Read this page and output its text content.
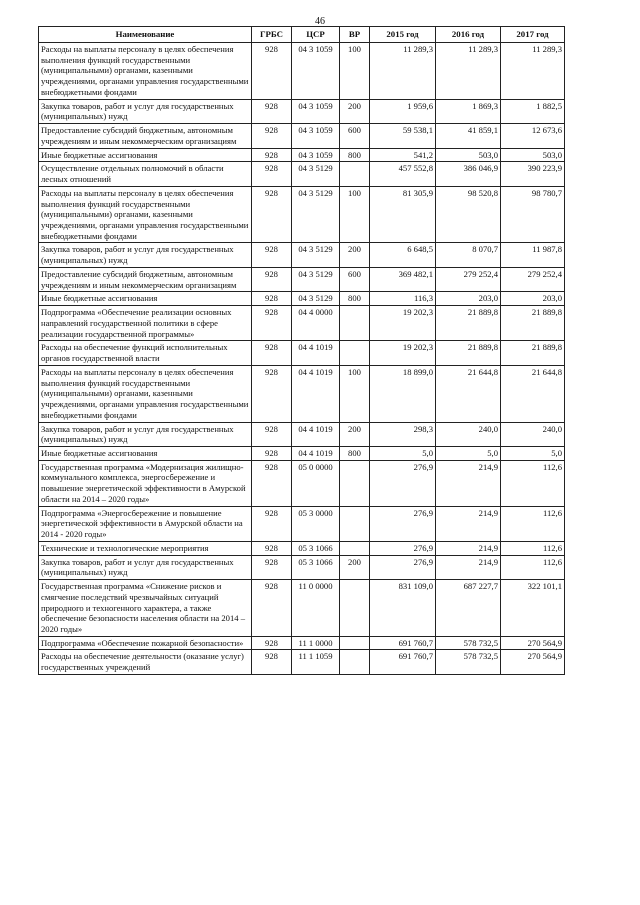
46
Наименование	ГРБС	ЦСР	ВР	2015 год	2016 год	2017 год
Расходы на выплаты персоналу в целях обеспечения выполнения функций государственными (муниципальными) органами, казенными учреждениями, органами управления государственными внебюджетными фондами	928	04 3 1059	100	11 289,3	11 289,3	11 289,3
Закупка товаров, работ и услуг для государственных (муниципальных) нужд	928	04 3 1059	200	1 959,6	1 869,3	1 882,5
Предоставление субсидий бюджетным, автономным учреждениям и иным некоммерческим организациям	928	04 3 1059	600	59 538,1	41 859,1	12 673,6
Иные бюджетные ассигнования	928	04 3 1059	800	541,2	503,0	503,0
Осуществление отдельных полномочий в области лесных отношений	928	04 3 5129		457 552,8	386 046,9	390 223,9
Расходы на выплаты персоналу в целях обеспечения выполнения функций государственными (муниципальными) органами, казенными учреждениями, органами управления государственными внебюджетными фондами	928	04 3 5129	100	81 305,9	98 520,8	98 780,7
Закупка товаров, работ и услуг для государственных (муниципальных) нужд	928	04 3 5129	200	6 648,5	8 070,7	11 987,8
Предоставление субсидий бюджетным, автономным учреждениям и иным некоммерческим организациям	928	04 3 5129	600	369 482,1	279 252,4	279 252,4
Иные бюджетные ассигнования	928	04 3 5129	800	116,3	203,0	203,0
Подпрограмма «Обеспечение реализации основных направлений государственной политики в сфере реализации государственной программы»	928	04 4 0000		19 202,3	21 889,8	21 889,8
Расходы на обеспечение функций исполнительных органов государственной власти	928	04 4 1019		19 202,3	21 889,8	21 889,8
Расходы на выплаты персоналу в целях обеспечения выполнения функций государственными (муниципальными) органами, казенными учреждениями, органами управления государственными внебюджетными фондами	928	04 4 1019	100	18 899,0	21 644,8	21 644,8
Закупка товаров, работ и услуг для государственных (муниципальных) нужд	928	04 4 1019	200	298,3	240,0	240,0
Иные бюджетные ассигнования	928	04 4 1019	800	5,0	5,0	5,0
Государственная программа «Модернизация жилищно-коммунального комплекса, энергосбережение и повышение энергетической эффективности в Амурской области на 2014 – 2020 годы»	928	05 0 0000		276,9	214,9	112,6
Подпрограмма «Энергосбережение и повышение энергетической эффективности в Амурской области на 2014 - 2020 годы»	928	05 3 0000		276,9	214,9	112,6
Технические и технологические мероприятия	928	05 3 1066		276,9	214,9	112,6
Закупка товаров, работ и услуг для государственных (муниципальных) нужд	928	05 3 1066	200	276,9	214,9	112,6
Государственная программа «Снижение рисков и смягчение последствий чрезвычайных ситуаций природного и техногенного характера, а также обеспечение безопасности населения области на 2014 – 2020 годы»	928	11 0 0000		831 109,0	687 227,7	322 101,1
Подпрограмма «Обеспечение пожарной безопасности»	928	11 1 0000		691 760,7	578 732,5	270 564,9
Расходы на обеспечение деятельности (оказание услуг) государственных учреждений	928	11 1 1059		691 760,7	578 732,5	270 564,9
